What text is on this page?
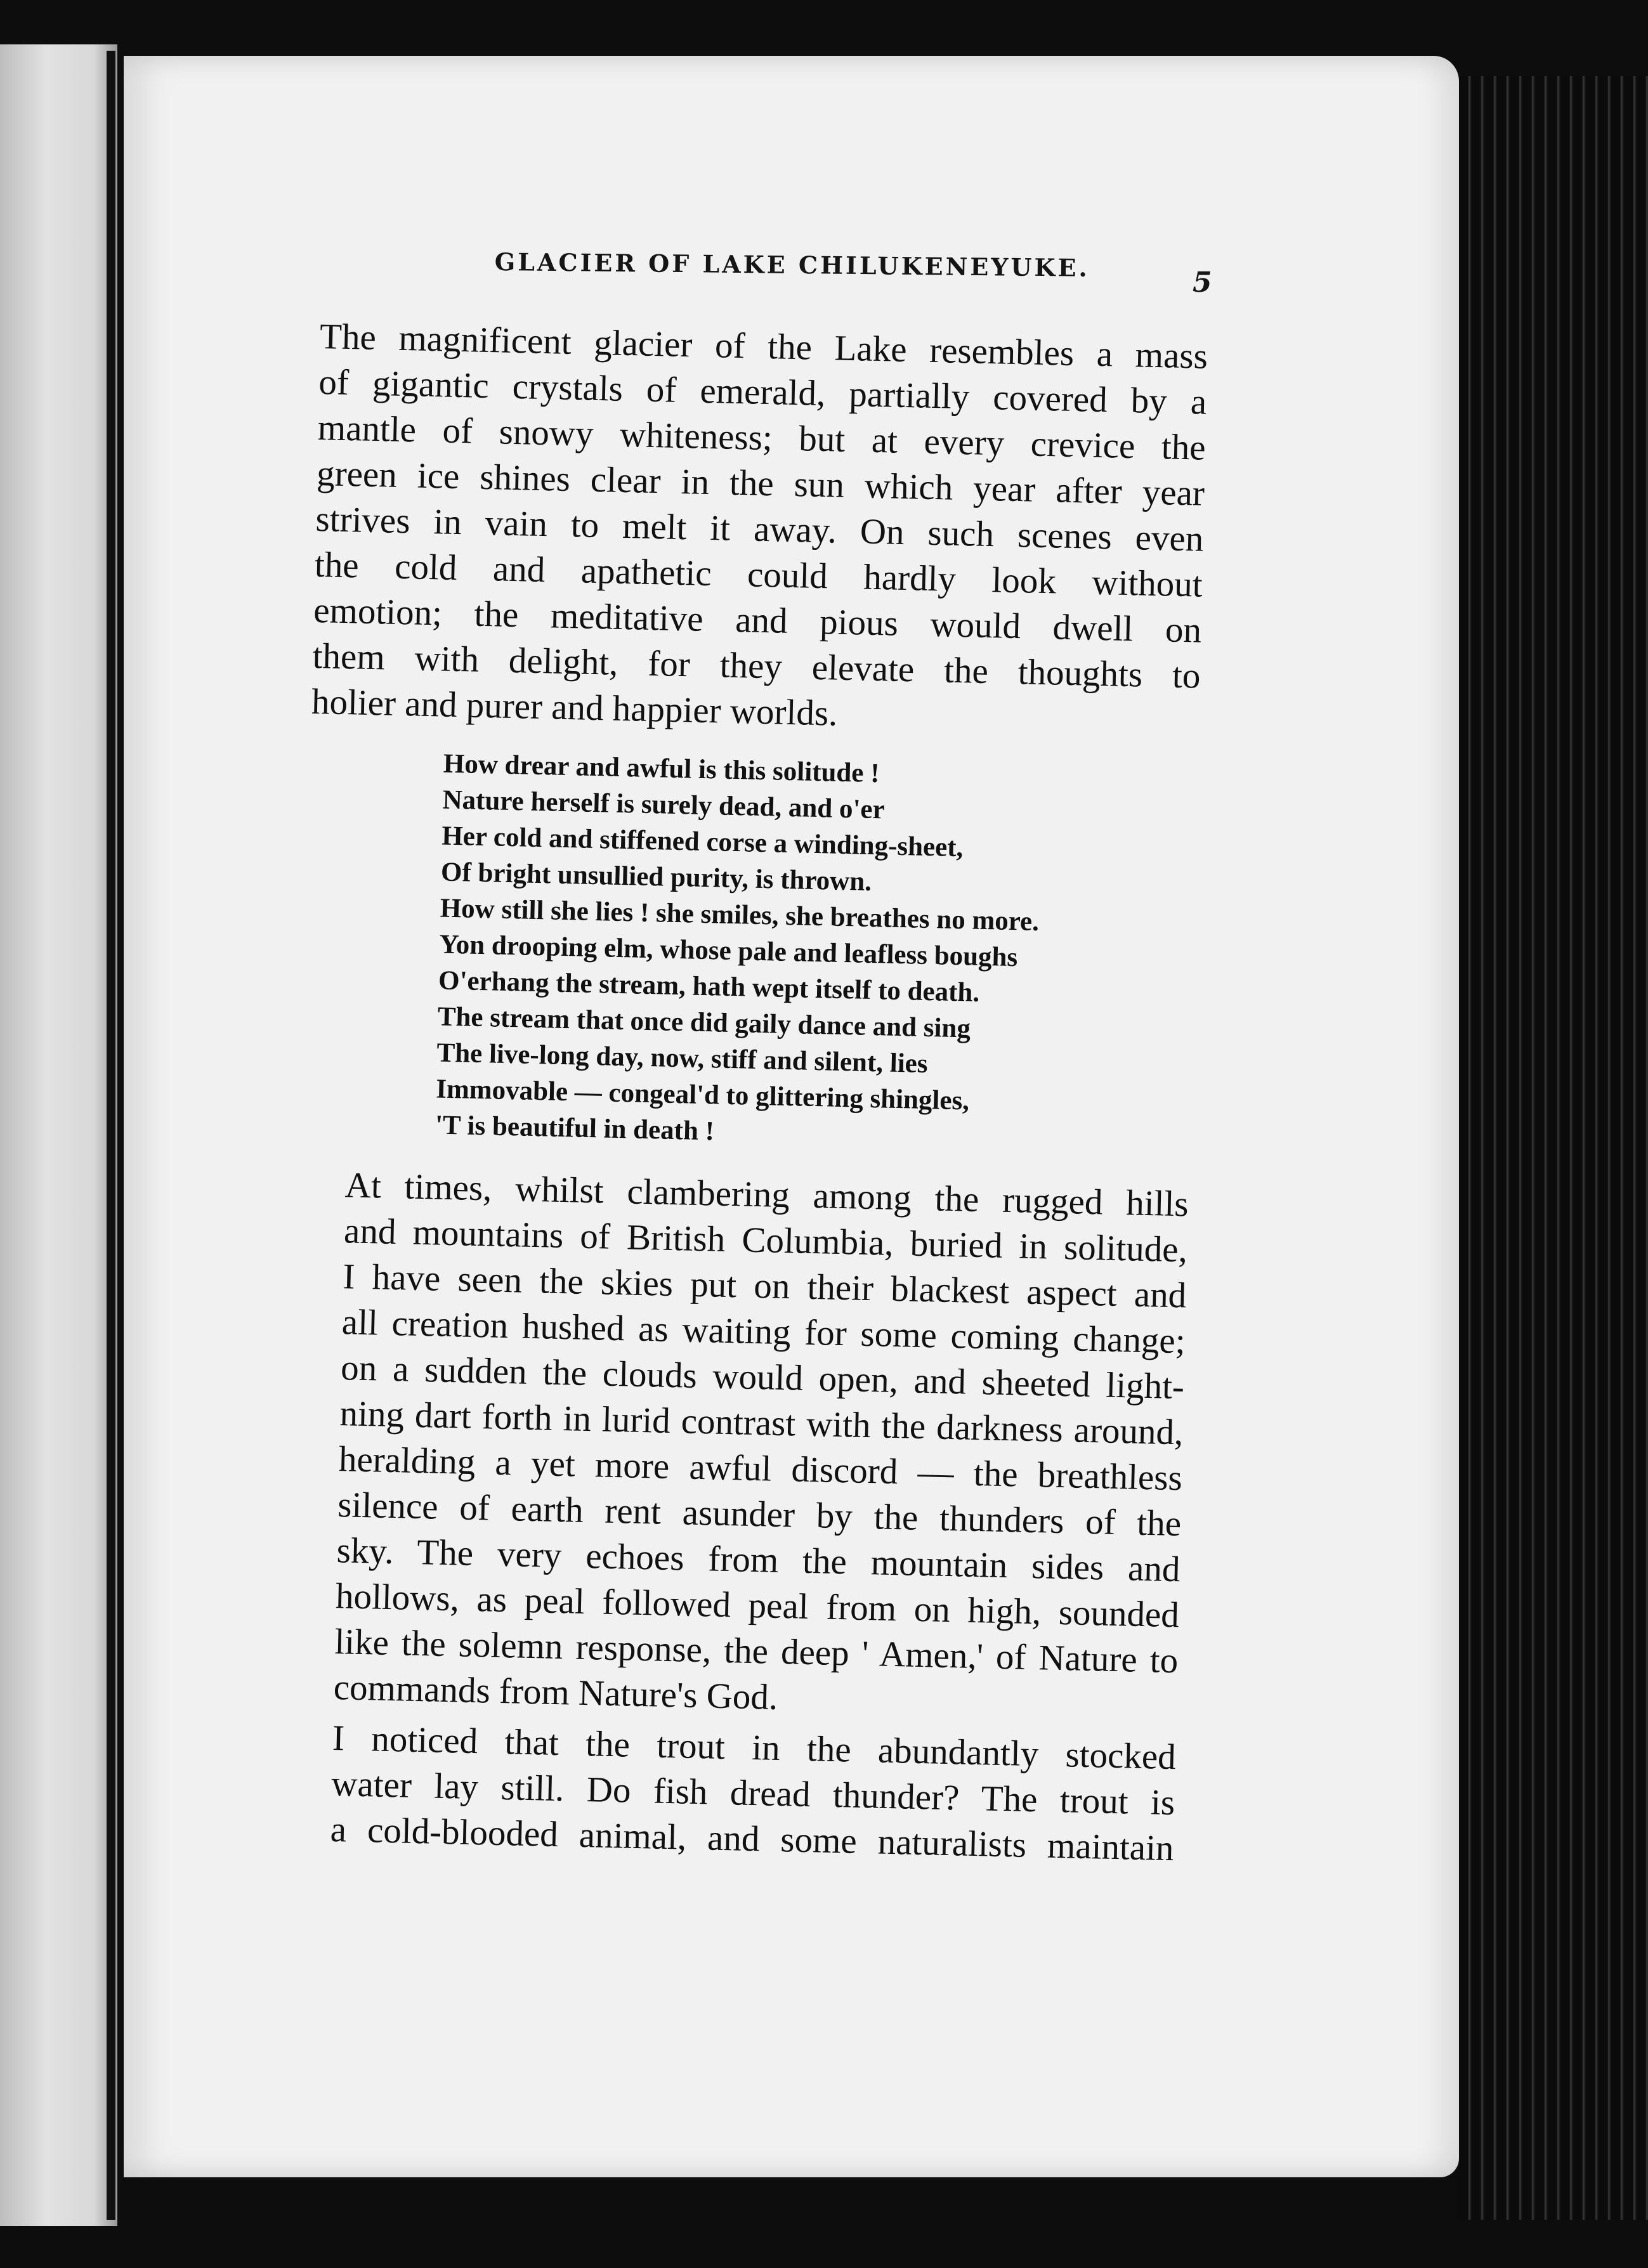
GLACIER OF LAKE CHILUKENEYUKE.
5

The magnificent glacier of the Lake resembles a mass
of gigantic crystals of emerald, partially covered by a
mantle of snowy whiteness; but at every crevice the
green ice shines clear in the sun which year after year
strives in vain to melt it away. On such scenes even
the cold and apathetic could hardly look without
emotion; the meditative and pious would dwell on
them with delight, for they elevate the thoughts to
holier and purer and happier worlds.

How drear and awful is this solitude !
Nature herself is surely dead, and o'er
Her cold and stiffened corse a winding-sheet,
Of bright unsullied purity, is thrown.
How still she lies ! she smiles, she breathes no more.
Yon drooping elm, whose pale and leafless boughs
O'erhang the stream, hath wept itself to death.
The stream that once did gaily dance and sing
The live-long day, now, stiff and silent, lies
Immovable — congeal'd to glittering shingles,
'T is beautiful in death !

At times, whilst clambering among the rugged hills
and mountains of British Columbia, buried in solitude,
I have seen the skies put on their blackest aspect and
all creation hushed as waiting for some coming change;
on a sudden the clouds would open, and sheeted light-
ning dart forth in lurid contrast with the darkness around,
heralding a yet more awful discord — the breathless
silence of earth rent asunder by the thunders of the
sky. The very echoes from the mountain sides and
hollows, as peal followed peal from on high, sounded
like the solemn response, the deep ' Amen,' of Nature to
commands from Nature's God.

I noticed that the trout in the abundantly stocked
water lay still. Do fish dread thunder? The trout is
a cold-blooded animal, and some naturalists maintain
